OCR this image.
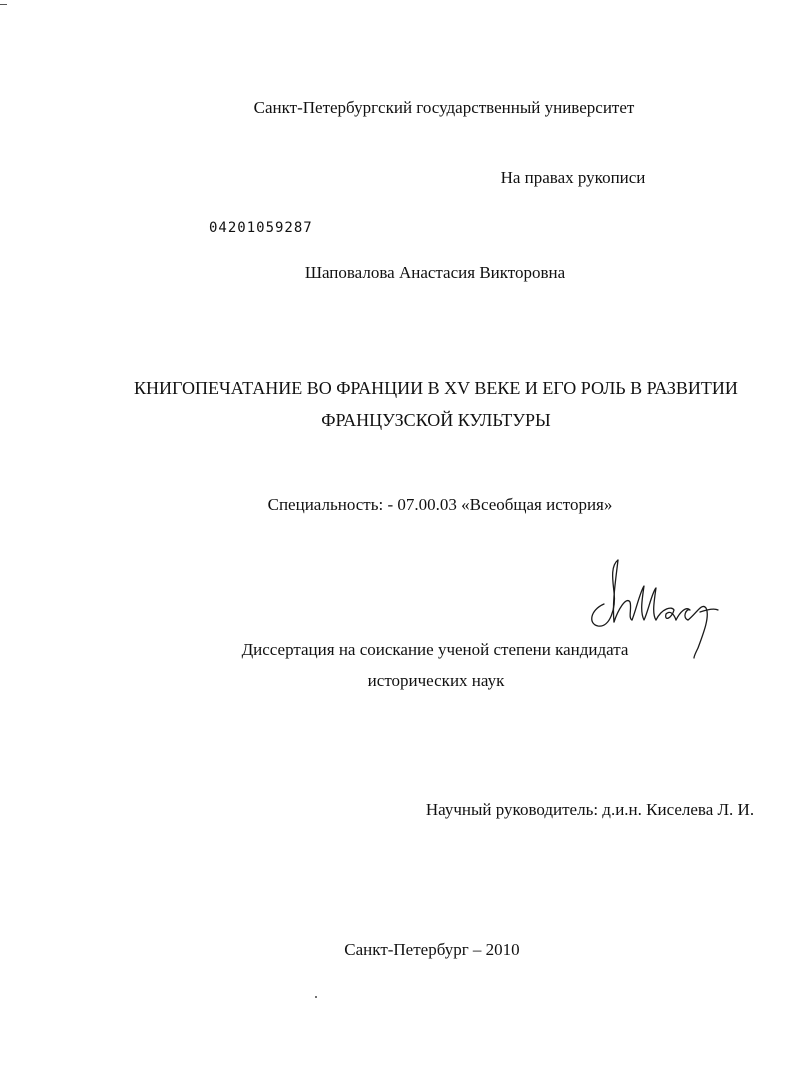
Санкт-Петербургский государственный университет
На правах рукописи
04201059287
Шаповалова Анастасия Викторовна
КНИГОПЕЧАТАНИЕ ВО ФРАНЦИИ В XV ВЕКЕ И ЕГО РОЛЬ В РАЗВИТИИ
ФРАНЦУЗСКОЙ КУЛЬТУРЫ
Специальность: - 07.00.03 «Всеобщая история»
Диссертация на соискание ученой степени кандидата
исторических наук
Научный руководитель: д.и.н. Киселева Л. И.
Санкт-Петербург – 2010
